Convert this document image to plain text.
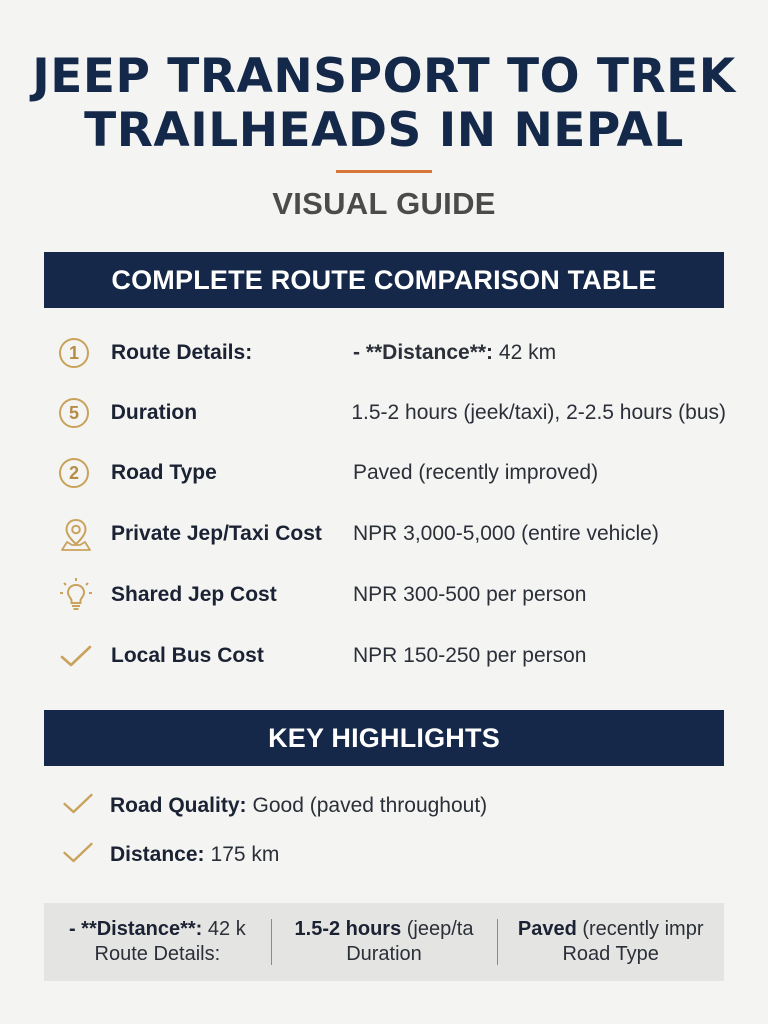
JEEP TRANSPORT TO TREK
TRAILHEADS IN NEPAL
VISUAL GUIDE
COMPLETE ROUTE COMPARISON TABLE
1	Route Details:	- **Distance**: 42 km
5	Duration	1.5-2 hours (jeek/taxi), 2-2.5 hours (bus)
2	Road Type	Paved (recently improved)
Private Jep/Taxi Cost	NPR 3,000-5,000 (entire vehicle)
Shared Jep Cost	NPR 300-500 per person
Local Bus Cost	NPR 150-250 per person
KEY HIGHLIGHTS
Road Quality: Good (paved throughout)
Distance: 175 km
- **Distance**: 42 k
Route Details:
1.5-2 hours (jeep/ta
Duration
Paved (recently impr
Road Type
